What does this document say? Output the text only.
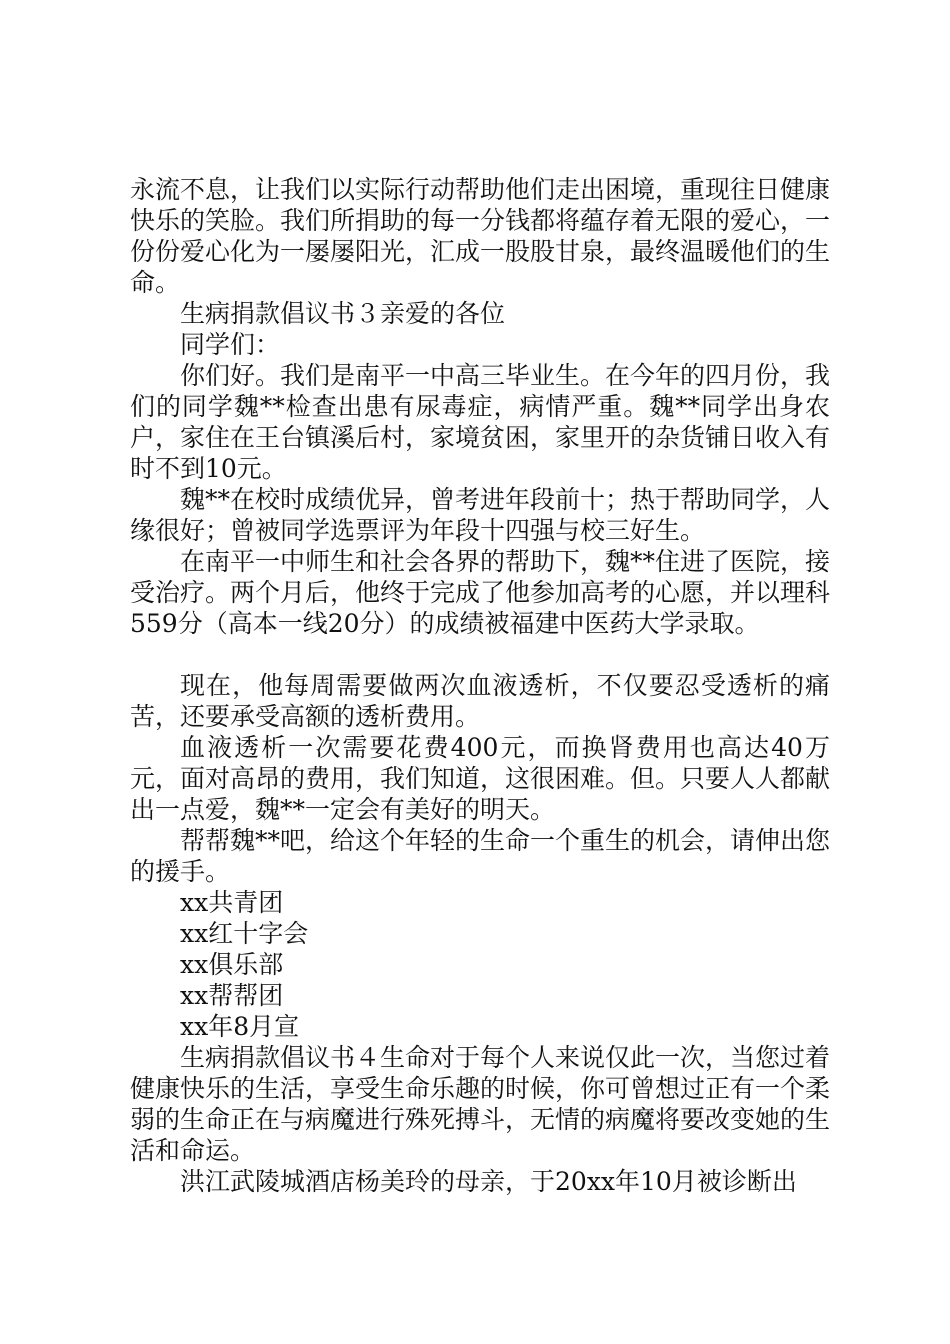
永流不息，让我们以实际行动帮助他们走出困境，重现往日健康快乐的笑脸。我们所捐助的每一分钱都将蕴存着无限的爱心，一份份爱心化为一屡屡阳光，汇成一股股甘泉，最终温暖他们的生命。

生病捐款倡议书３亲爱的各位

同学们：

你们好。我们是南平一中高三毕业生。在今年的四月份，我们的同学魏**检查出患有尿毒症，病情严重。魏**同学出身农户，家住在王台镇溪后村，家境贫困，家里开的杂货铺日收入有时不到10元。

魏**在校时成绩优异，曾考进年段前十；热于帮助同学，人缘很好；曾被同学选票评为年段十四强与校三好生。

在南平一中师生和社会各界的帮助下，魏**住进了医院，接受治疗。两个月后，他终于完成了他参加高考的心愿，并以理科559分（高本一线20分）的成绩被福建中医药大学录取。

现在，他每周需要做两次血液透析，不仅要忍受透析的痛苦，还要承受高额的透析费用。

血液透析一次需要花费400元，而换肾费用也高达40万元，面对高昂的费用，我们知道，这很困难。但。只要人人都献出一点爱，魏**一定会有美好的明天。

帮帮魏**吧，给这个年轻的生命一个重生的机会，请伸出您的援手。

xx共青团

xx红十字会

xx俱乐部

xx帮帮团

xx年8月宣

生病捐款倡议书４生命对于每个人来说仅此一次，当您过着健康快乐的生活，享受生命乐趣的时候，你可曾想过正有一个柔弱的生命正在与病魔进行殊死搏斗，无情的病魔将要改变她的生活和命运。

洪江武陵城酒店杨美玲的母亲，于20xx年10月被诊断出
